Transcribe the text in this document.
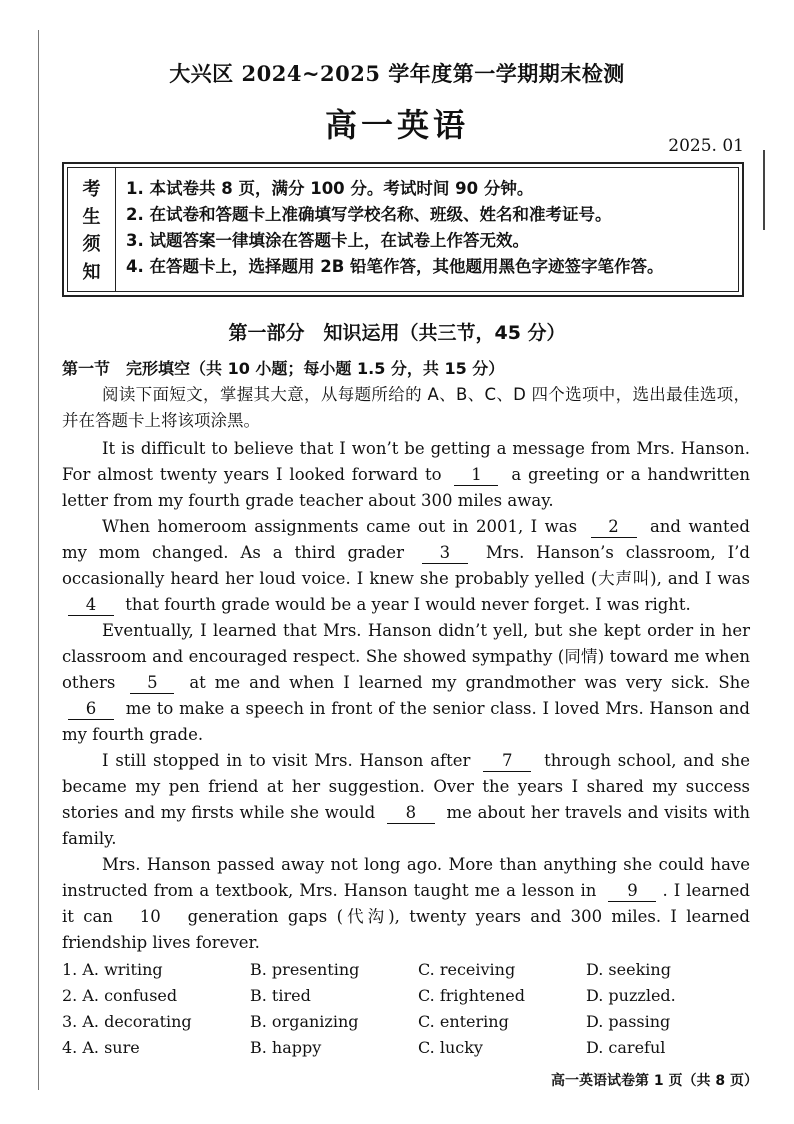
大兴区 2024~2025 学年度第一学期期末检测
高一英语
2025. 01
考
生
须
知
1. 本试卷共 8 页，满分 100 分。考试时间 90 分钟。
2. 在试卷和答题卡上准确填写学校名称、班级、姓名和准考证号。
3. 试题答案一律填涂在答题卡上，在试卷上作答无效。
4. 在答题卡上，选择题用 2B 铅笔作答，其他题用黑色字迹签字笔作答。
第一部分　知识运用（共三节，45 分）
第一节　完形填空（共 10 小题；每小题 1.5 分，共 15 分）
阅读下面短文，掌握其大意，从每题所给的 A、B、C、D 四个选项中，选出最佳选项，并在答题卡上将该项涂黑。

It is difficult to believe that I won’t be getting a message from Mrs. Hanson. For almost twenty years I looked forward to 1 a greeting or a handwritten letter from my fourth grade teacher about 300 miles away.

When homeroom assignments came out in 2001, I was 2 and wanted my mom changed. As a third grader 3 Mrs. Hanson’s classroom, I’d occasionally heard her loud voice. I knew she probably yelled (大声叫), and I was 4 that fourth grade would be a year I would never forget. I was right.

Eventually, I learned that Mrs. Hanson didn’t yell, but she kept order in her classroom and encouraged respect. She showed sympathy (同情) toward me when others 5 at me and when I learned my grandmother was very sick. She 6 me to make a speech in front of the senior class. I loved Mrs. Hanson and my fourth grade.

I still stopped in to visit Mrs. Hanson after 7 through school, and she became my pen friend at her suggestion. Over the years I shared my success stories and my firsts while she would 8 me about her travels and visits with family.

Mrs. Hanson passed away not long ago. More than anything she could have instructed from a textbook, Mrs. Hanson taught me a lesson in 9 . I learned it can 10 generation gaps (代沟), twenty years and 300 miles. I learned friendship lives forever.

1. A. writing	B. presenting	C. receiving	D. seeking
2. A. confused	B. tired	C. frightened	D. puzzled.
3. A. decorating	B. organizing	C. entering	D. passing
4. A. sure	B. happy	C. lucky	D. careful
高一英语试卷第 1 页（共 8 页）
